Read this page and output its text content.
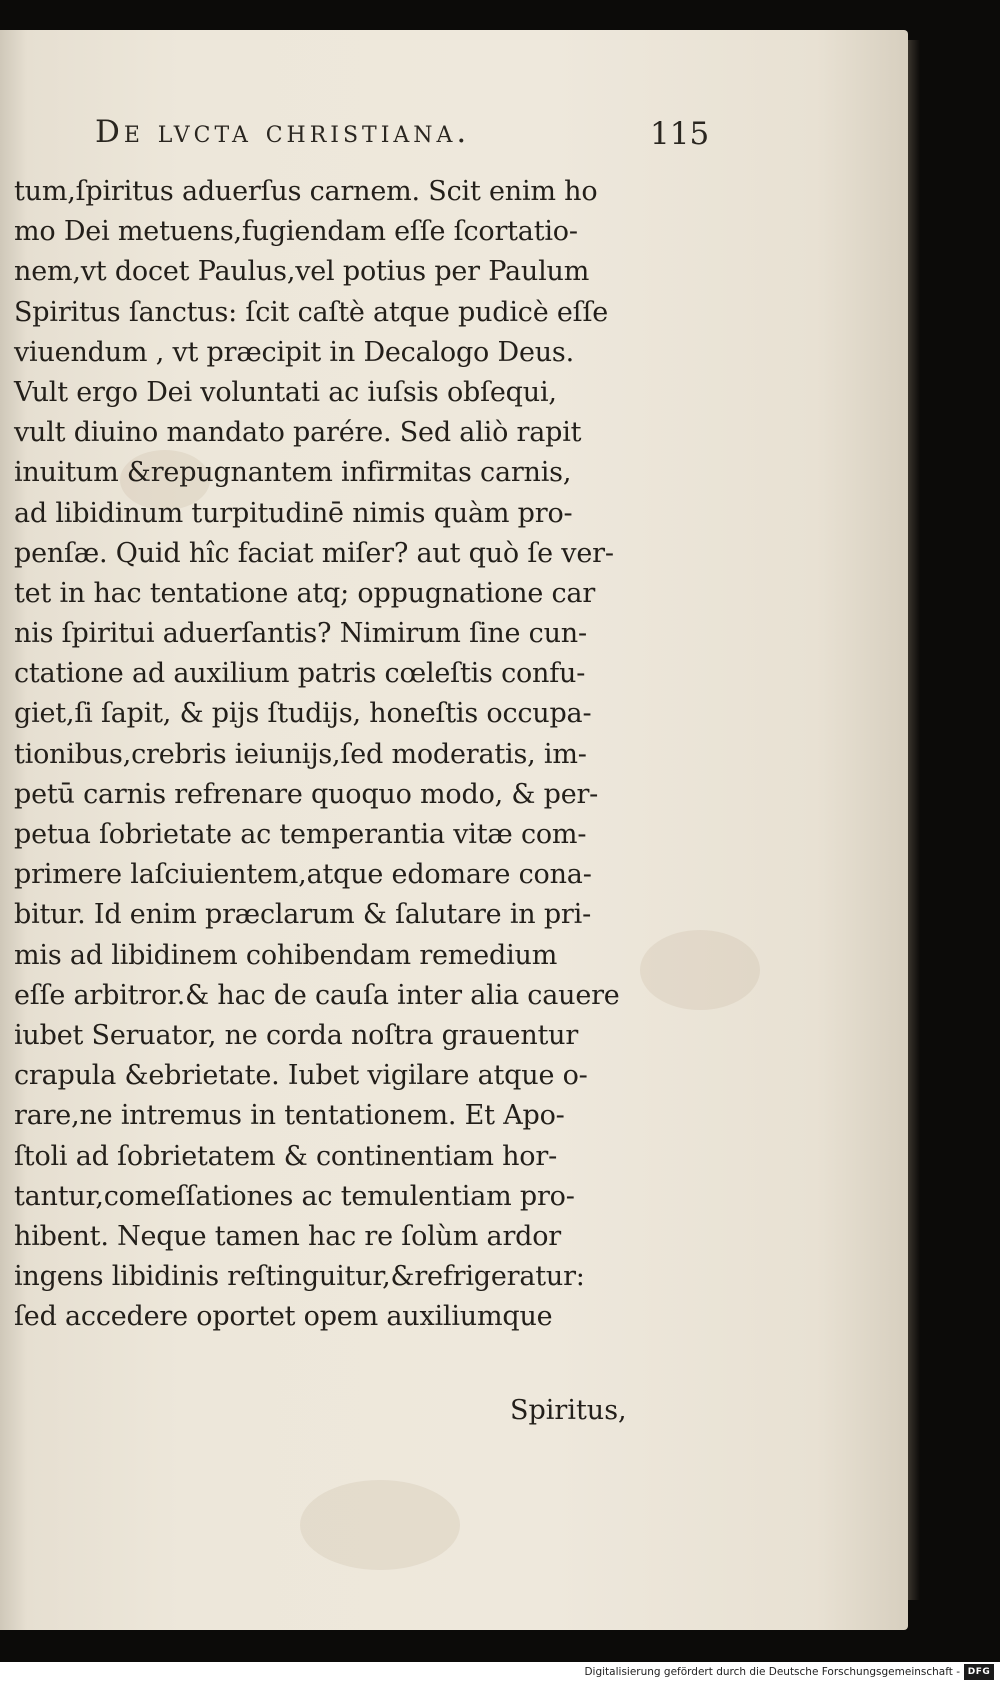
De lvcta christiana.	115
tum,ſpiritus aduerſus carnem. Scit enim ho
mo Dei metuens,fugiendam eſſe ſcortatio-
nem,vt docet Paulus,vel potius per Paulum
Spiritus ſanctus: ſcit caſtè atque pudicè eſſe
viuendum , vt præcipit in Decalogo Deus.
Vult ergo Dei voluntati ac iuſsis obſequi,
vult diuino mandato parére. Sed aliò rapit
inuitum &repugnantem infirmitas carnis,
ad libidinum turpitudinē nimis quàm pro-
penſæ. Quid hîc faciat miſer? aut quò ſe ver-
tet in hac tentatione atq; oppugnatione car
nis ſpiritui aduerſantis? Nimirum ſine cun-
ctatione ad auxilium patris cœleſtis confu-
giet,ſi ſapit, & pijs ſtudijs, honeſtis occupa-
tionibus,crebris ieiunijs,ſed moderatis, im-
petū carnis refrenare quoquo modo, & per-
petua ſobrietate ac temperantia vitæ com-
primere laſciuientem,atque edomare cona-
bitur. Id enim præclarum & ſalutare in pri-
mis ad libidinem cohibendam remedium
eſſe arbitror.& hac de cauſa inter alia cauere
iubet Seruator, ne corda noſtra grauentur
crapula &ebrietate. Iubet vigilare atque o-
rare,ne intremus in tentationem. Et Apo-
ſtoli ad ſobrietatem & continentiam hor-
tantur,comeſſationes ac temulentiam pro-
hibent. Neque tamen hac re ſolùm ardor
ingens libidinis reſtinguitur,&refrigeratur:
ſed accedere oportet opem auxiliumque
Spiritus,
Digitalisierung gefördert durch die Deutsche Forschungsgemeinschaft - DFG
